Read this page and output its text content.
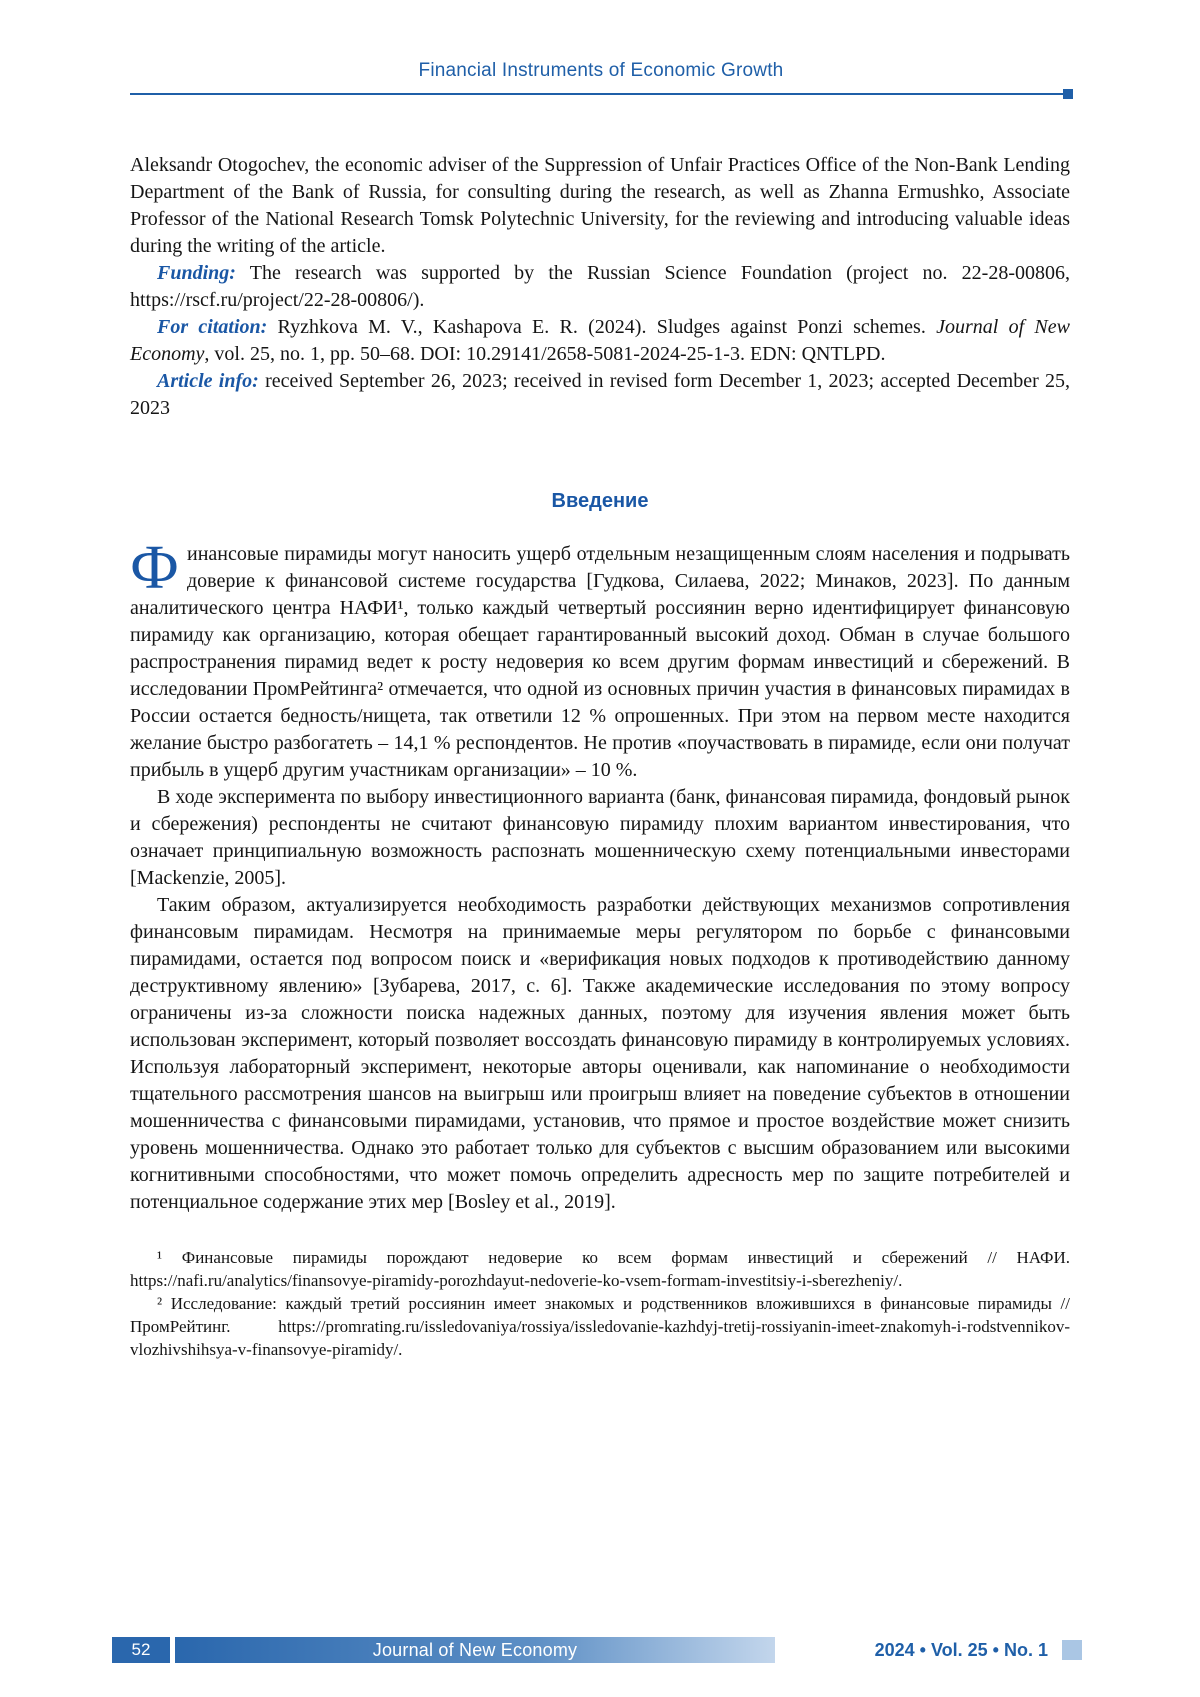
Financial Instruments of Economic Growth

Aleksandr Otogochev, the economic adviser of the Suppression of Unfair Practices Office of the Non-Bank Lending Department of the Bank of Russia, for consulting during the research, as well as Zhanna Ermushko, Associate Professor of the National Research Tomsk Polytechnic University, for the reviewing and introducing valuable ideas during the writing of the article.

Funding: The research was supported by the Russian Science Foundation (project no. 22-28-00806, https://rscf.ru/project/22-28-00806/).

For citation: Ryzhkova M. V., Kashapova E. R. (2024). Sludges against Ponzi schemes. Journal of New Economy, vol. 25, no. 1, pp. 50–68. DOI: 10.29141/2658-5081-2024-25-1-3. EDN: QNTLPD.

Article info: received September 26, 2023; received in revised form December 1, 2023; accepted December 25, 2023

Введение

Финансовые пирамиды могут наносить ущерб отдельным незащищенным слоям населения и подрывать доверие к финансовой системе государства [Гудкова, Силаева, 2022; Минаков, 2023]. По данным аналитического центра НАФИ¹, только каждый четвертый россиянин верно идентифицирует финансовую пирамиду как организацию, которая обещает гарантированный высокий доход. Обман в случае большого распространения пирамид ведет к росту недоверия ко всем другим формам инвестиций и сбережений. В исследовании ПромРейтинга² отмечается, что одной из основных причин участия в финансовых пирамидах в России остается бедность/нищета, так ответили 12 % опрошенных. При этом на первом месте находится желание быстро разбогатеть – 14,1 % респондентов. Не против «поучаствовать в пирамиде, если они получат прибыль в ущерб другим участникам организации» – 10 %.

В ходе эксперимента по выбору инвестиционного варианта (банк, финансовая пирамида, фондовый рынок и сбережения) респонденты не считают финансовую пирамиду плохим вариантом инвестирования, что означает принципиальную возможность распознать мошенническую схему потенциальными инвесторами [Mackenzie, 2005].

Таким образом, актуализируется необходимость разработки действующих механизмов сопротивления финансовым пирамидам. Несмотря на принимаемые меры регулятором по борьбе с финансовыми пирамидами, остается под вопросом поиск и «верификация новых подходов к противодействию данному деструктивному явлению» [Зубарева, 2017, с. 6]. Также академические исследования по этому вопросу ограничены из-за сложности поиска надежных данных, поэтому для изучения явления может быть использован эксперимент, который позволяет воссоздать финансовую пирамиду в контролируемых условиях. Используя лабораторный эксперимент, некоторые авторы оценивали, как напоминание о необходимости тщательного рассмотрения шансов на выигрыш или проигрыш влияет на поведение субъектов в отношении мошенничества с финансовыми пирамидами, установив, что прямое и простое воздействие может снизить уровень мошенничества. Однако это работает только для субъектов с высшим образованием или высокими когнитивными способностями, что может помочь определить адресность мер по защите потребителей и потенциальное содержание этих мер [Bosley et al., 2019].

¹ Финансовые пирамиды порождают недоверие ко всем формам инвестиций и сбережений // НАФИ. https://nafi.ru/analytics/finansovye-piramidy-porozhdayut-nedoverie-ko-vsem-formam-investitsiy-i-sberezheniy/.

² Исследование: каждый третий россиянин имеет знакомых и родственников вложившихся в финансовые пирамиды // ПромРейтинг. https://promrating.ru/issledovaniya/rossiya/issledovanie-kazhdyj-tretij-rossiyanin-imeet-znakomyh-i-rodstvennikov-vlozhivshihsya-v-finansovye-piramidy/.

52	Journal of New Economy	2024 • Vol. 25 • No. 1
